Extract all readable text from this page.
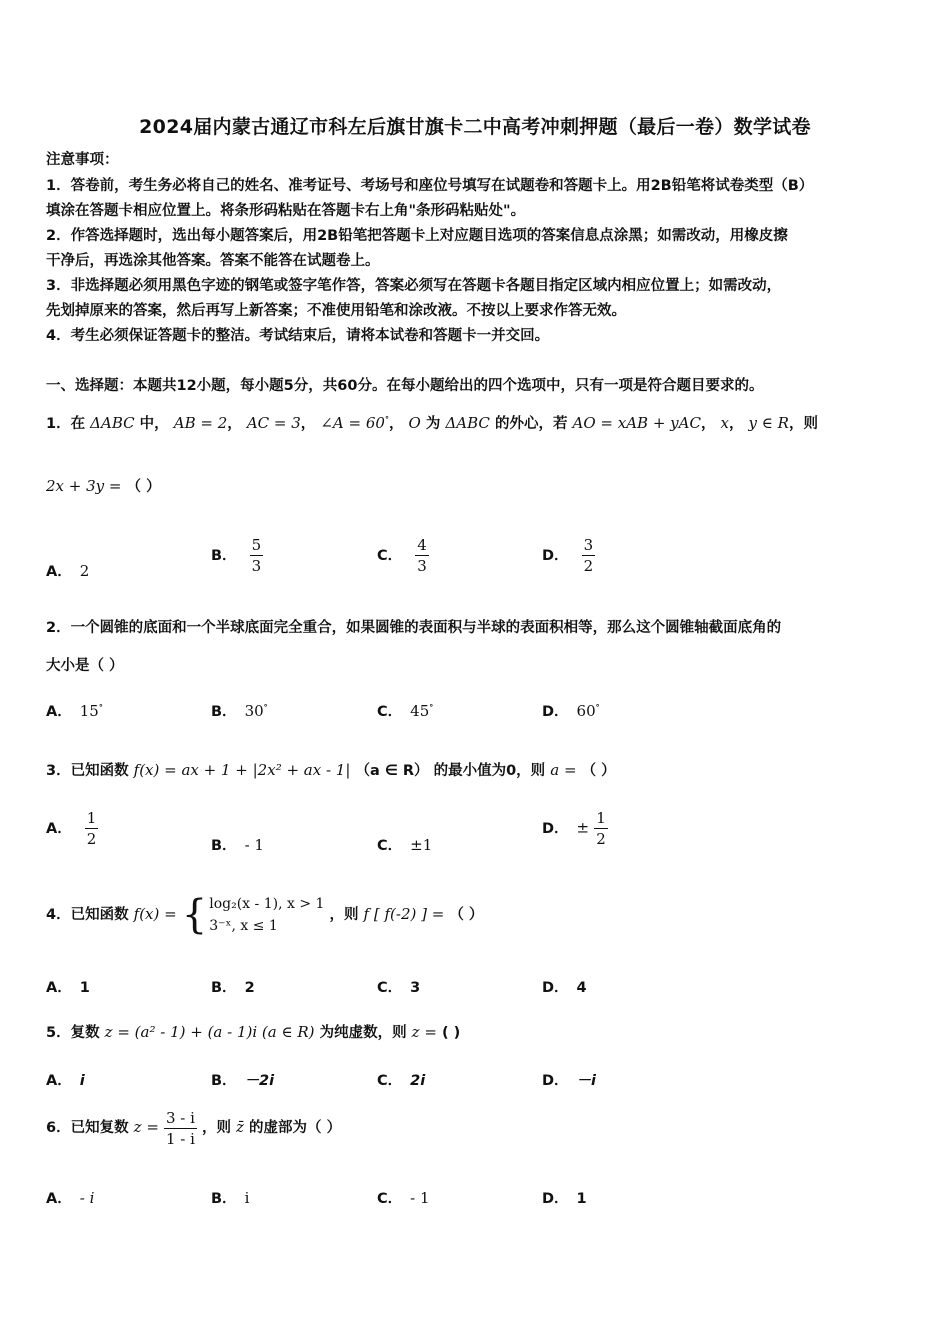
2024届内蒙古通辽市科左后旗甘旗卡二中高考冲刺押题（最后一卷）数学试卷
注意事项：
1．答卷前，考生务必将自己的姓名、准考证号、考场号和座位号填写在试题卷和答题卡上。用2B铅笔将试卷类型（B）
填涂在答题卡相应位置上。将条形码粘贴在答题卡右上角"条形码粘贴处"。
2．作答选择题时，选出每小题答案后，用2B铅笔把答题卡上对应题目选项的答案信息点涂黑；如需改动，用橡皮擦
干净后，再选涂其他答案。答案不能答在试题卷上。
3．非选择题必须用黑色字迹的钢笔或签字笔作答，答案必须写在答题卡各题目指定区域内相应位置上；如需改动，
先划掉原来的答案，然后再写上新答案；不准使用铅笔和涂改液。不按以上要求作答无效。
4．考生必须保证答题卡的整洁。考试结束后，请将本试卷和答题卡一并交回。
一、选择题：本题共12小题，每小题5分，共60分。在每小题给出的四个选项中，只有一项是符合题目要求的。
1．在 ΔABC 中， AB = 2， AC = 3， ∠A = 60°， O 为 ΔABC 的外心，若 AO = xAB + yAC， x， y ∈ R，则
2x + 3y = （ ）
A． 2
B． $\frac{5}{3}$	C． $\frac{4}{3}$	D． $\frac{3}{2}$
2．一个圆锥的底面和一个半球底面完全重合，如果圆锥的表面积与半球的表面积相等，那么这个圆锥轴截面底角的
大小是（ ）
A． 15°	B． 30°	C． 45°	D． 60°
3．已知函数 f(x) = ax + 1 + |2x² + ax - 1| （a ∈ R） 的最小值为0，则 a = （ ）
A． $\frac{1}{2}$	B． - 1	C． ±1
D． ± $\frac{1}{2}$
4．已知函数 f(x) = { log₂(x - 1), x > 1
3⁻ˣ, x ≤ 1
，则 f [ f(-2) ] = （ ）
A． 1	B． 2	C． 3	D． 4
5．复数 z = (a² - 1) + (a - 1)i (a ∈ R) 为纯虚数，则 z = ( )
A． i	B． －2i	C． 2i	D． －i
6．已知复数 $z = \frac{3 - i}{1 - i}$ ，则 z̄ 的虚部为（ ）
A． - i	B． i	C． - 1	D． 1
